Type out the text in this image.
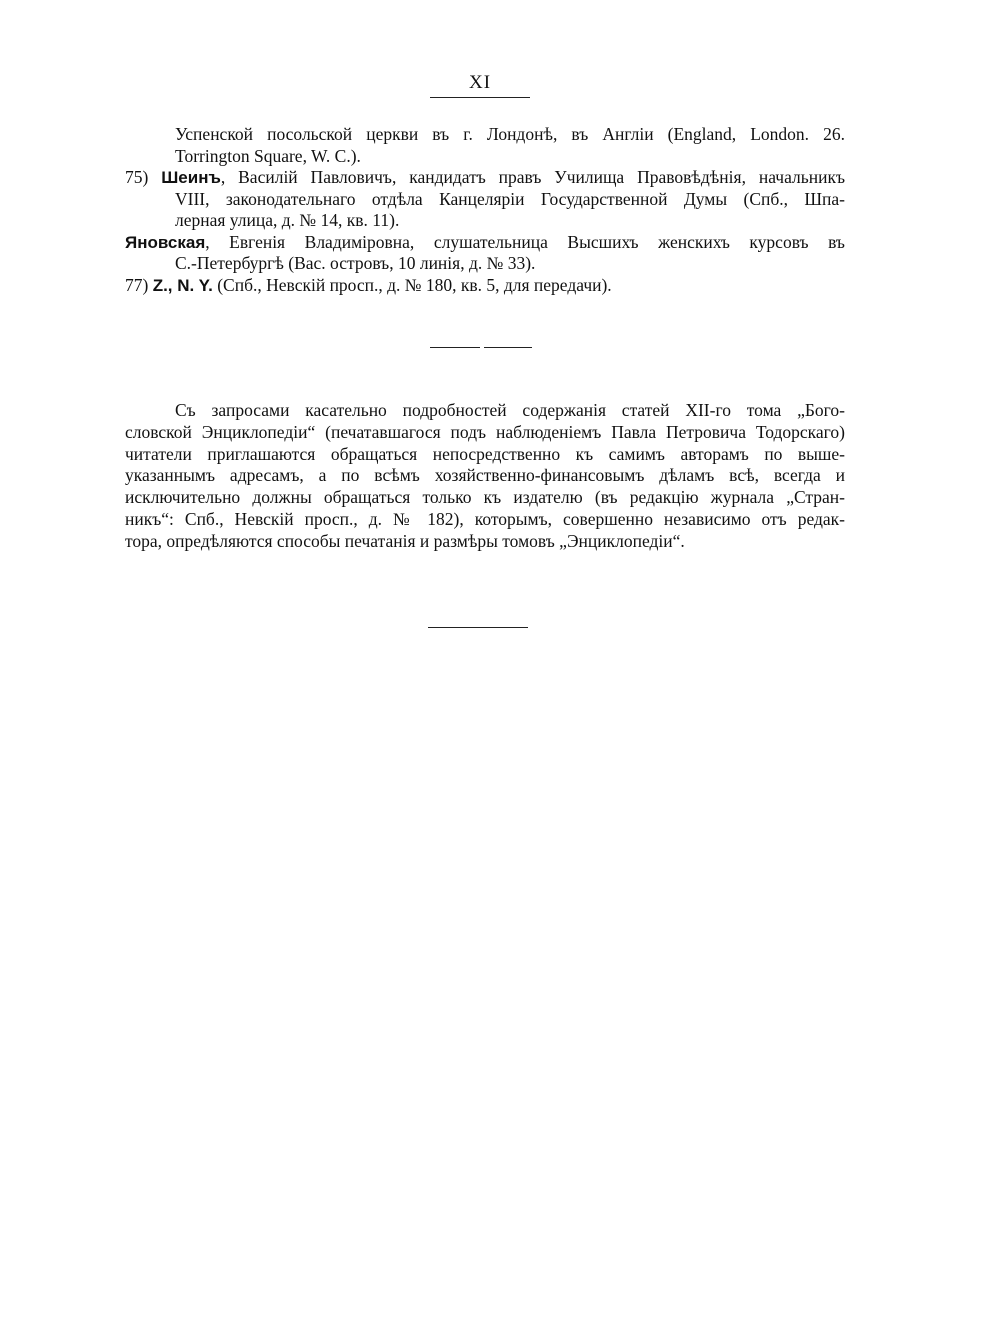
XI
Успенской посольской церкви въ г. Лондонѣ, въ Англіи (England, London. 26.
Torrington Square, W. C.).
75) Шеинъ, Василій Павловичъ, кандидатъ правъ Училища Правовѣдѣнія, начальникъ
VIII, законодательнаго отдѣла Канцеляріи Государственной Думы (Спб., Шпа-
лерная улица, д. № 14, кв. 11).
Яновская, Евгенія Владиміровна, слушательница Высшихъ женскихъ курсовъ въ
С.-Петербургѣ (Вас. островъ, 10 линія, д. № 33).
77) Z., N. Y. (Спб., Невскій просп., д. № 180, кв. 5, для передачи).
Съ запросами касательно подробностей содержанія статей XII-го тома „Бого-
словской Энциклопедіи“ (печатавшагося подъ наблюденіемъ Павла Петровича Тодорскаго)
читатели приглашаются обращаться непосредственно къ самимъ авторамъ по выше-
указаннымъ адресамъ, а по всѣмъ хозяйственно-финансовымъ дѣламъ всѣ, всегда и
исключительно должны обращаться только къ издателю (въ редакцію журнала „Стран-
никъ“: Спб., Невскій просп., д. № 182), которымъ, совершенно независимо отъ редак-
тора, опредѣляются способы печатанія и размѣры томовъ „Энциклопедіи“.
